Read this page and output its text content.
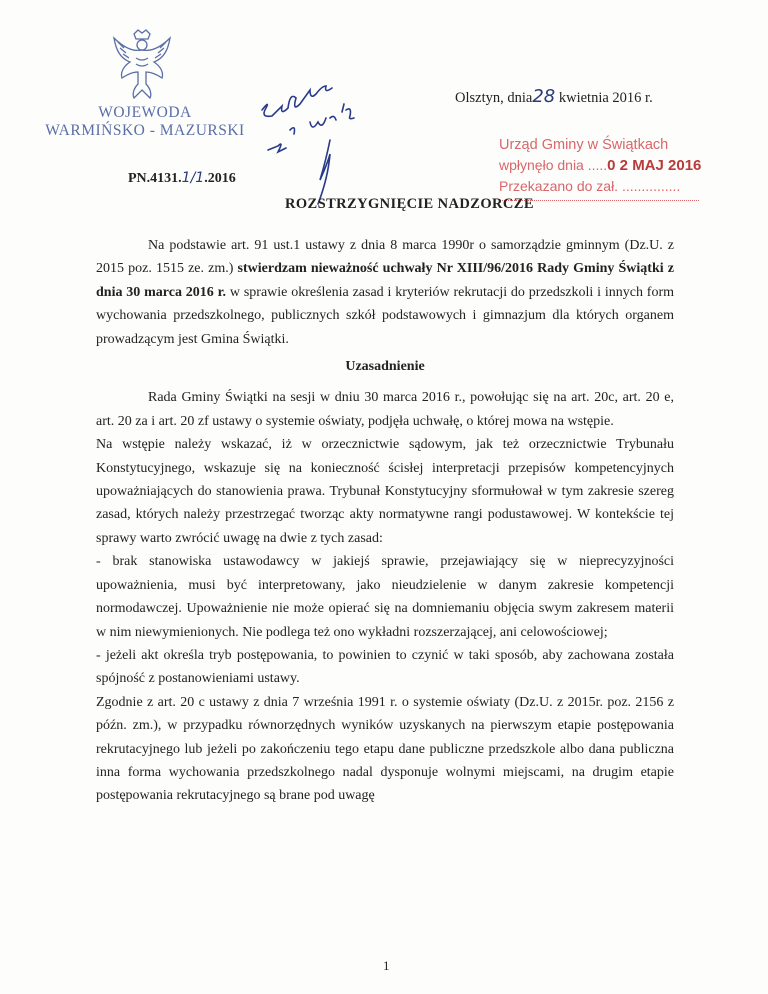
WOJEWODA
WARMIŃSKO - MAZURSKI
PN.4131.1/1.2016
Olsztyn, dnia28 kwietnia 2016 r.
Urząd Gminy w Świątkach
wpłynęło dnia .....0 2 MAJ 2016
Przekazano do zał. ...............
ROZSTRZYGNIĘCIE NADZORCZE

Na podstawie art. 91 ust.1 ustawy z dnia 8 marca 1990r o samorządzie gminnym (Dz.U. z 2015 poz. 1515 ze. zm.) stwierdzam nieważność uchwały Nr XIII/96/2016 Rady Gminy Świątki z dnia 30 marca 2016 r. w sprawie określenia zasad i kryteriów rekrutacji do przedszkoli i innych form wychowania przedszkolnego, publicznych szkół podstawowych i gimnazjum dla których organem prowadzącym jest Gmina Świątki.

Uzasadnienie

Rada Gminy Świątki na sesji w dniu 30 marca 2016 r., powołując się na art. 20c, art. 20 e, art. 20 za i art. 20 zf ustawy o systemie oświaty, podjęła uchwałę, o której mowa na wstępie.

Na wstępie należy wskazać, iż w orzecznictwie sądowym, jak też orzecznictwie Trybunału Konstytucyjnego, wskazuje się na konieczność ścisłej interpretacji przepisów kompetencyjnych upoważniających do stanowienia prawa. Trybunał Konstytucyjny sformułował w tym zakresie szereg zasad, których należy przestrzegać tworząc akty normatywne rangi podustawowej. W kontekście tej sprawy warto zwrócić uwagę na dwie z tych zasad:

- brak stanowiska ustawodawcy w jakiejś sprawie, przejawiający się w nieprecyzyjności upoważnienia, musi być interpretowany, jako nieudzielenie w danym zakresie kompetencji normodawczej. Upoważnienie nie może opierać się na domniemaniu objęcia swym zakresem materii w nim niewymienionych. Nie podlega też ono wykładni rozszerzającej, ani celowościowej;

- jeżeli akt określa tryb postępowania, to powinien to czynić w taki sposób, aby zachowana została spójność z postanowieniami ustawy.

Zgodnie z art. 20 c ustawy z dnia 7 września 1991 r. o systemie oświaty (Dz.U. z 2015r. poz. 2156 z późn. zm.), w przypadku równorzędnych wyników uzyskanych na pierwszym etapie postępowania rekrutacyjnego lub jeżeli po zakończeniu tego etapu dane publiczne przedszkole albo dana publiczna inna forma wychowania przedszkolnego nadal dysponuje wolnymi miejscami, na drugim etapie postępowania rekrutacyjnego są brane pod uwagę

1
